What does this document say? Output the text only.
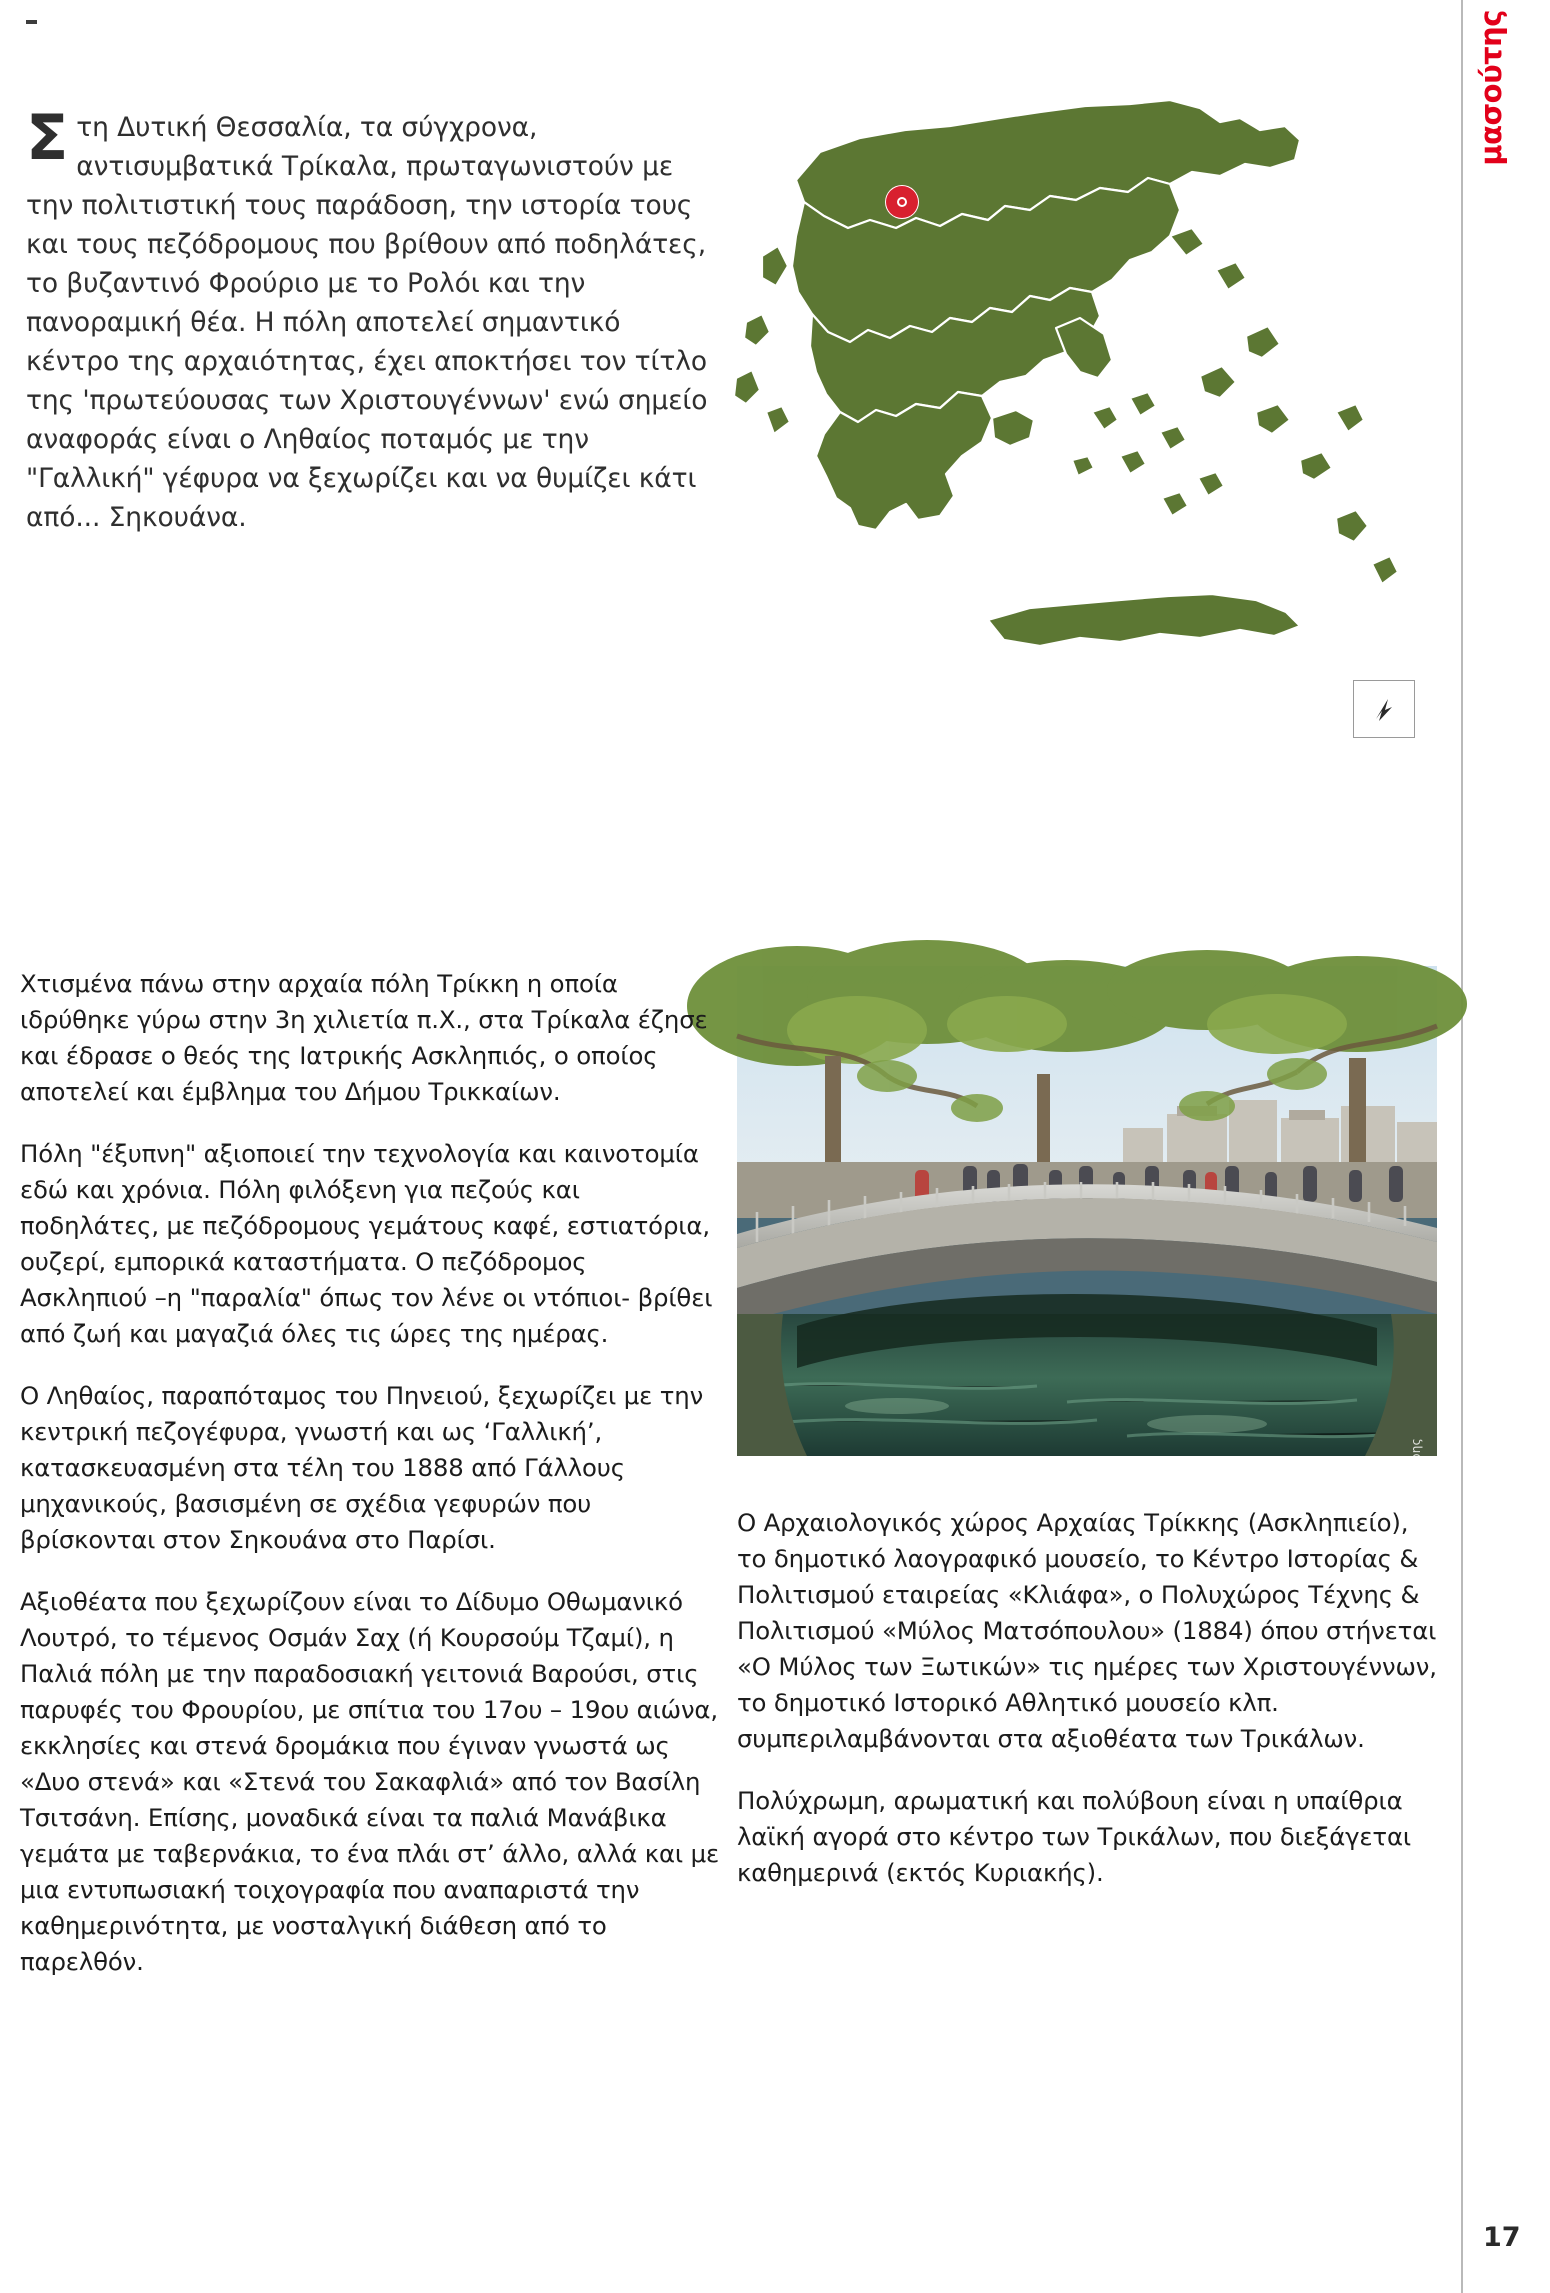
μασούτης
Στη Δυτική Θεσσαλία, τα σύγχρονα, αντισυμβατικά Τρίκαλα, πρωταγωνιστούν με την πολιτιστική τους παράδοση, την ιστορία τους και τους πεζόδρομους που βρίθουν από ποδηλάτες, το βυζαντινό Φρούριο με το Ρολόι και την πανοραμική θέα. Η πόλη αποτελεί σημαντικό κέντρο της αρχαιότητας, έχει αποκτήσει τον τίτλο της 'πρωτεύουσας των Χριστουγέννων' ενώ σημείο αναφοράς είναι ο Ληθαίος ποταμός με την "Γαλλική" γέφυρα να ξεχωρίζει και να θυμίζει κάτι από... Σηκουάνα.
© Γεώργιος Λουκέρης

Χτισμένα πάνω στην αρχαία πόλη Τρίκκη η οποία ιδρύθηκε γύρω στην 3η χιλιετία π.Χ., στα Τρίκαλα έζησε και έδρασε ο θεός της Ιατρικής Ασκληπιός, ο οποίος αποτελεί και έμβλημα του Δήμου Τρικκαίων.

Πόλη "έξυπνη" αξιοποιεί την τεχνολογία και καινοτομία εδώ και χρόνια. Πόλη φιλόξενη για πεζούς και ποδηλάτες, με πεζόδρομους γεμάτους καφέ, εστιατόρια, ουζερί, εμπορικά καταστήματα. Ο πεζόδρομος Ασκληπιού –η "παραλία" όπως τον λένε οι ντόπιοι- βρίθει από ζωή και μαγαζιά όλες τις ώρες της ημέρας.

Ο Ληθαίος, παραπόταμος του Πηνειού, ξεχωρίζει με την κεντρική πεζογέφυρα, γνωστή και ως ‘Γαλλική’, κατασκευασμένη στα τέλη του 1888 από Γάλλους μηχανικούς, βασισμένη σε σχέδια γεφυρών που βρίσκονται στον Σηκουάνα στο Παρίσι.

Αξιοθέατα που ξεχωρίζουν είναι το Δίδυμο Οθωμανικό Λουτρό, το τέμενος Οσμάν Σαχ (ή Κουρσούμ Τζαμί), η Παλιά πόλη με την παραδοσιακή γειτονιά Βαρούσι, στις παρυφές του Φρουρίου, με σπίτια του 17ου – 19ου αιώνα, εκκλησίες και στενά δρομάκια που έγιναν γνωστά ως «Δυο στενά» και «Στενά του Σακαφλιά» από τον Βασίλη Τσιτσάνη. Επίσης, μοναδικά είναι τα παλιά Μανάβικα γεμάτα με ταβερνάκια, το ένα πλάι στ’ άλλο, αλλά και με μια εντυπωσιακή τοιχογραφία που αναπαριστά την καθημερινότητα, με νοσταλγική διάθεση από το παρελθόν.

Ο Αρχαιολογικός χώρος Αρχαίας Τρίκκης (Ασκληπιείο), το δημοτικό λαογραφικό μουσείο, το Κέντρο Ιστορίας & Πολιτισμού εταιρείας «Κλιάφα», ο Πολυχώρος Τέχνης & Πολιτισμού «Μύλος Ματσόπουλου» (1884) όπου στήνεται «Ο Μύλος των Ξωτικών» τις ημέρες των Χριστουγέννων, το δημοτικό Ιστορικό Αθλητικό μουσείο κλπ. συμπεριλαμβάνονται στα αξιοθέατα των Τρικάλων.

Πολύχρωμη, αρωματική και πολύβουη είναι η υπαίθρια λαϊκή αγορά στο κέντρο των Τρικάλων, που διεξάγεται καθημερινά (εκτός Κυριακής).

17
